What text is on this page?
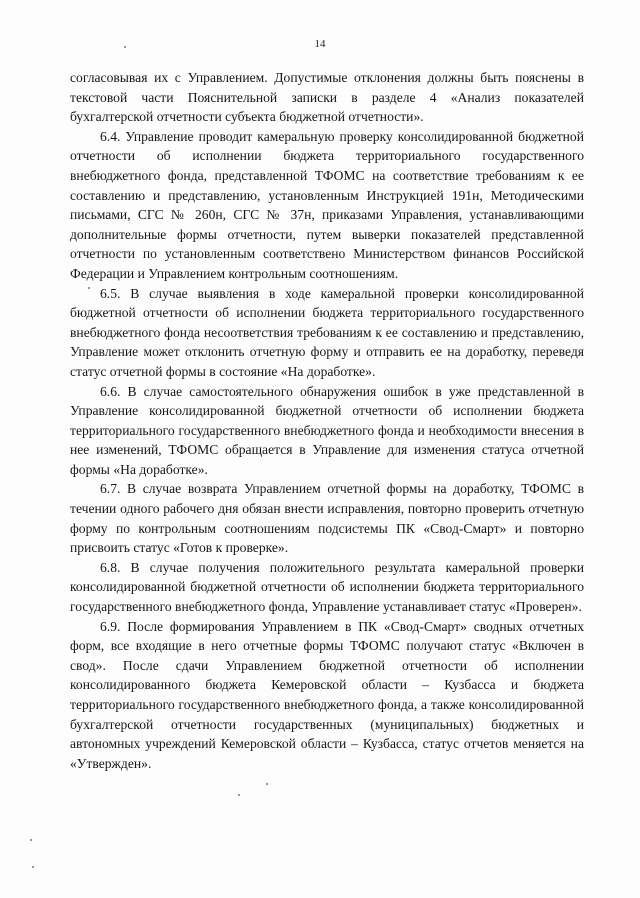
14

согласовывая их с Управлением. Допустимые отклонения должны быть пояснены в текстовой части Пояснительной записки в разделе 4 «Анализ показателей бухгалтерской отчетности субъекта бюджетной отчетности».

6.4. Управление проводит камеральную проверку консолидированной бюджетной отчетности об исполнении бюджета территориального государственного внебюджетного фонда, представленной ТФОМС на соответствие требованиям к ее составлению и представлению, установленным Инструкцией 191н, Методическими письмами, СГС № 260н, СГС № 37н, приказами Управления, устанавливающими дополнительные формы отчетности, путем выверки показателей представленной отчетности по установленным соответствено Министерством финансов Российской Федерации и Управлением контрольным соотношениям.

6.5. В случае выявления в ходе камеральной проверки консолидированной бюджетной отчетности об исполнении бюджета территориального государственного внебюджетного фонда несоответствия требованиям к ее составлению и представлению, Управление может отклонить отчетную форму и отправить ее на доработку, переведя статус отчетной формы в состояние «На доработке».

6.6. В случае самостоятельного обнаружения ошибок в уже представленной в Управление консолидированной бюджетной отчетности об исполнении бюджета территориального государственного внебюджетного фонда и необходимости внесения в нее изменений, ТФОМС обращается в Управление для изменения статуса отчетной формы «На доработке».

6.7. В случае возврата Управлением отчетной формы на доработку, ТФОМС в течении одного рабочего дня обязан внести исправления, повторно проверить отчетную форму по контрольным соотношениям подсистемы ПК «Свод-Смарт» и повторно присвоить статус «Готов к проверке».

6.8. В случае получения положительного результата камеральной проверки консолидированной бюджетной отчетности об исполнении бюджета территориального государственного внебюджетного фонда, Управление устанавливает статус «Проверен».

6.9. После формирования Управлением в ПК «Свод-Смарт» сводных отчетных форм, все входящие в него отчетные формы ТФОМС получают статус «Включен в свод». После сдачи Управлением бюджетной отчетности об исполнении консолидированного бюджета Кемеровской области – Кузбасса и бюджета территориального государственного внебюджетного фонда, а также консолидированной бухгалтерской отчетности государственных (муниципальных) бюджетных и автономных учреждений Кемеровской области – Кузбасса, статус отчетов меняется на «Утвержден».
